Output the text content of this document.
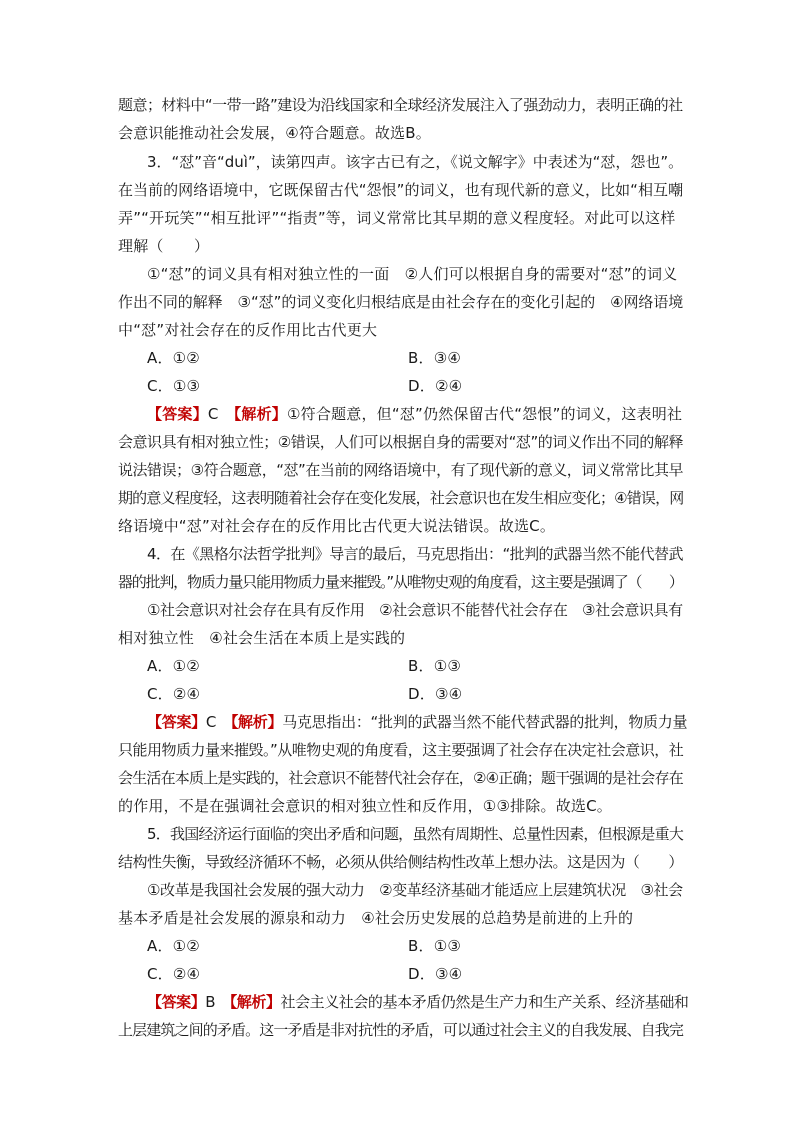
题意；材料中“一带一路”建设为沿线国家和全球经济发展注入了强劲动力，表明正确的社
会意识能推动社会发展，④符合题意。故选B。
3．“怼”音“duì”，读第四声。该字古已有之，《说文解字》中表述为“怼，怨也”。
在当前的网络语境中，它既保留古代“怨恨”的词义，也有现代新的意义，比如“相互嘲
弄”“开玩笑”“相互批评”“指责”等，词义常常比其早期的意义程度轻。对此可以这样
理解（　　）
①“怼”的词义具有相对独立性的一面　②人们可以根据自身的需要对“怼”的词义
作出不同的解释　③“怼”的词义变化归根结底是由社会存在的变化引起的　④网络语境
中“怼”对社会存在的反作用比古代更大
A．①②	B．③④
C．①③	D．②④
【答案】C　 【解析】①符合题意，但“怼”仍然保留古代“怨恨”的词义，这表明社
会意识具有相对独立性；②错误，人们可以根据自身的需要对“怼”的词义作出不同的解释
说法错误；③符合题意，“怼”在当前的网络语境中，有了现代新的意义，词义常常比其早
期的意义程度轻，这表明随着社会存在变化发展，社会意识也在发生相应变化；④错误，网
络语境中“怼”对社会存在的反作用比古代更大说法错误。故选C。
4．在《黑格尔法哲学批判》导言的最后，马克思指出：“批判的武器当然不能代替武
器的批判，物质力量只能用物质力量来摧毁。”从唯物史观的角度看，这主要是强调了（　　）
①社会意识对社会存在具有反作用　②社会意识不能替代社会存在　③社会意识具有
相对独立性　④社会生活在本质上是实践的
A．①②	B．①③
C．②④	D．③④
【答案】C　 【解析】马克思指出：“批判的武器当然不能代替武器的批判，物质力量
只能用物质力量来摧毁。”从唯物史观的角度看，这主要强调了社会存在决定社会意识，社
会生活在本质上是实践的，社会意识不能替代社会存在，②④正确；题干强调的是社会存在
的作用，不是在强调社会意识的相对独立性和反作用，①③排除。故选C。
5．我国经济运行面临的突出矛盾和问题，虽然有周期性、总量性因素，但根源是重大
结构性失衡，导致经济循环不畅，必须从供给侧结构性改革上想办法。这是因为（　　）
①改革是我国社会发展的强大动力　②变革经济基础才能适应上层建筑状况　③社会
基本矛盾是社会发展的源泉和动力　④社会历史发展的总趋势是前进的上升的
A．①②	B．①③
C．②④	D．③④
【答案】B　 【解析】社会主义社会的基本矛盾仍然是生产力和生产关系、经济基础和
上层建筑之间的矛盾。这一矛盾是非对抗性的矛盾，可以通过社会主义的自我发展、自我完
